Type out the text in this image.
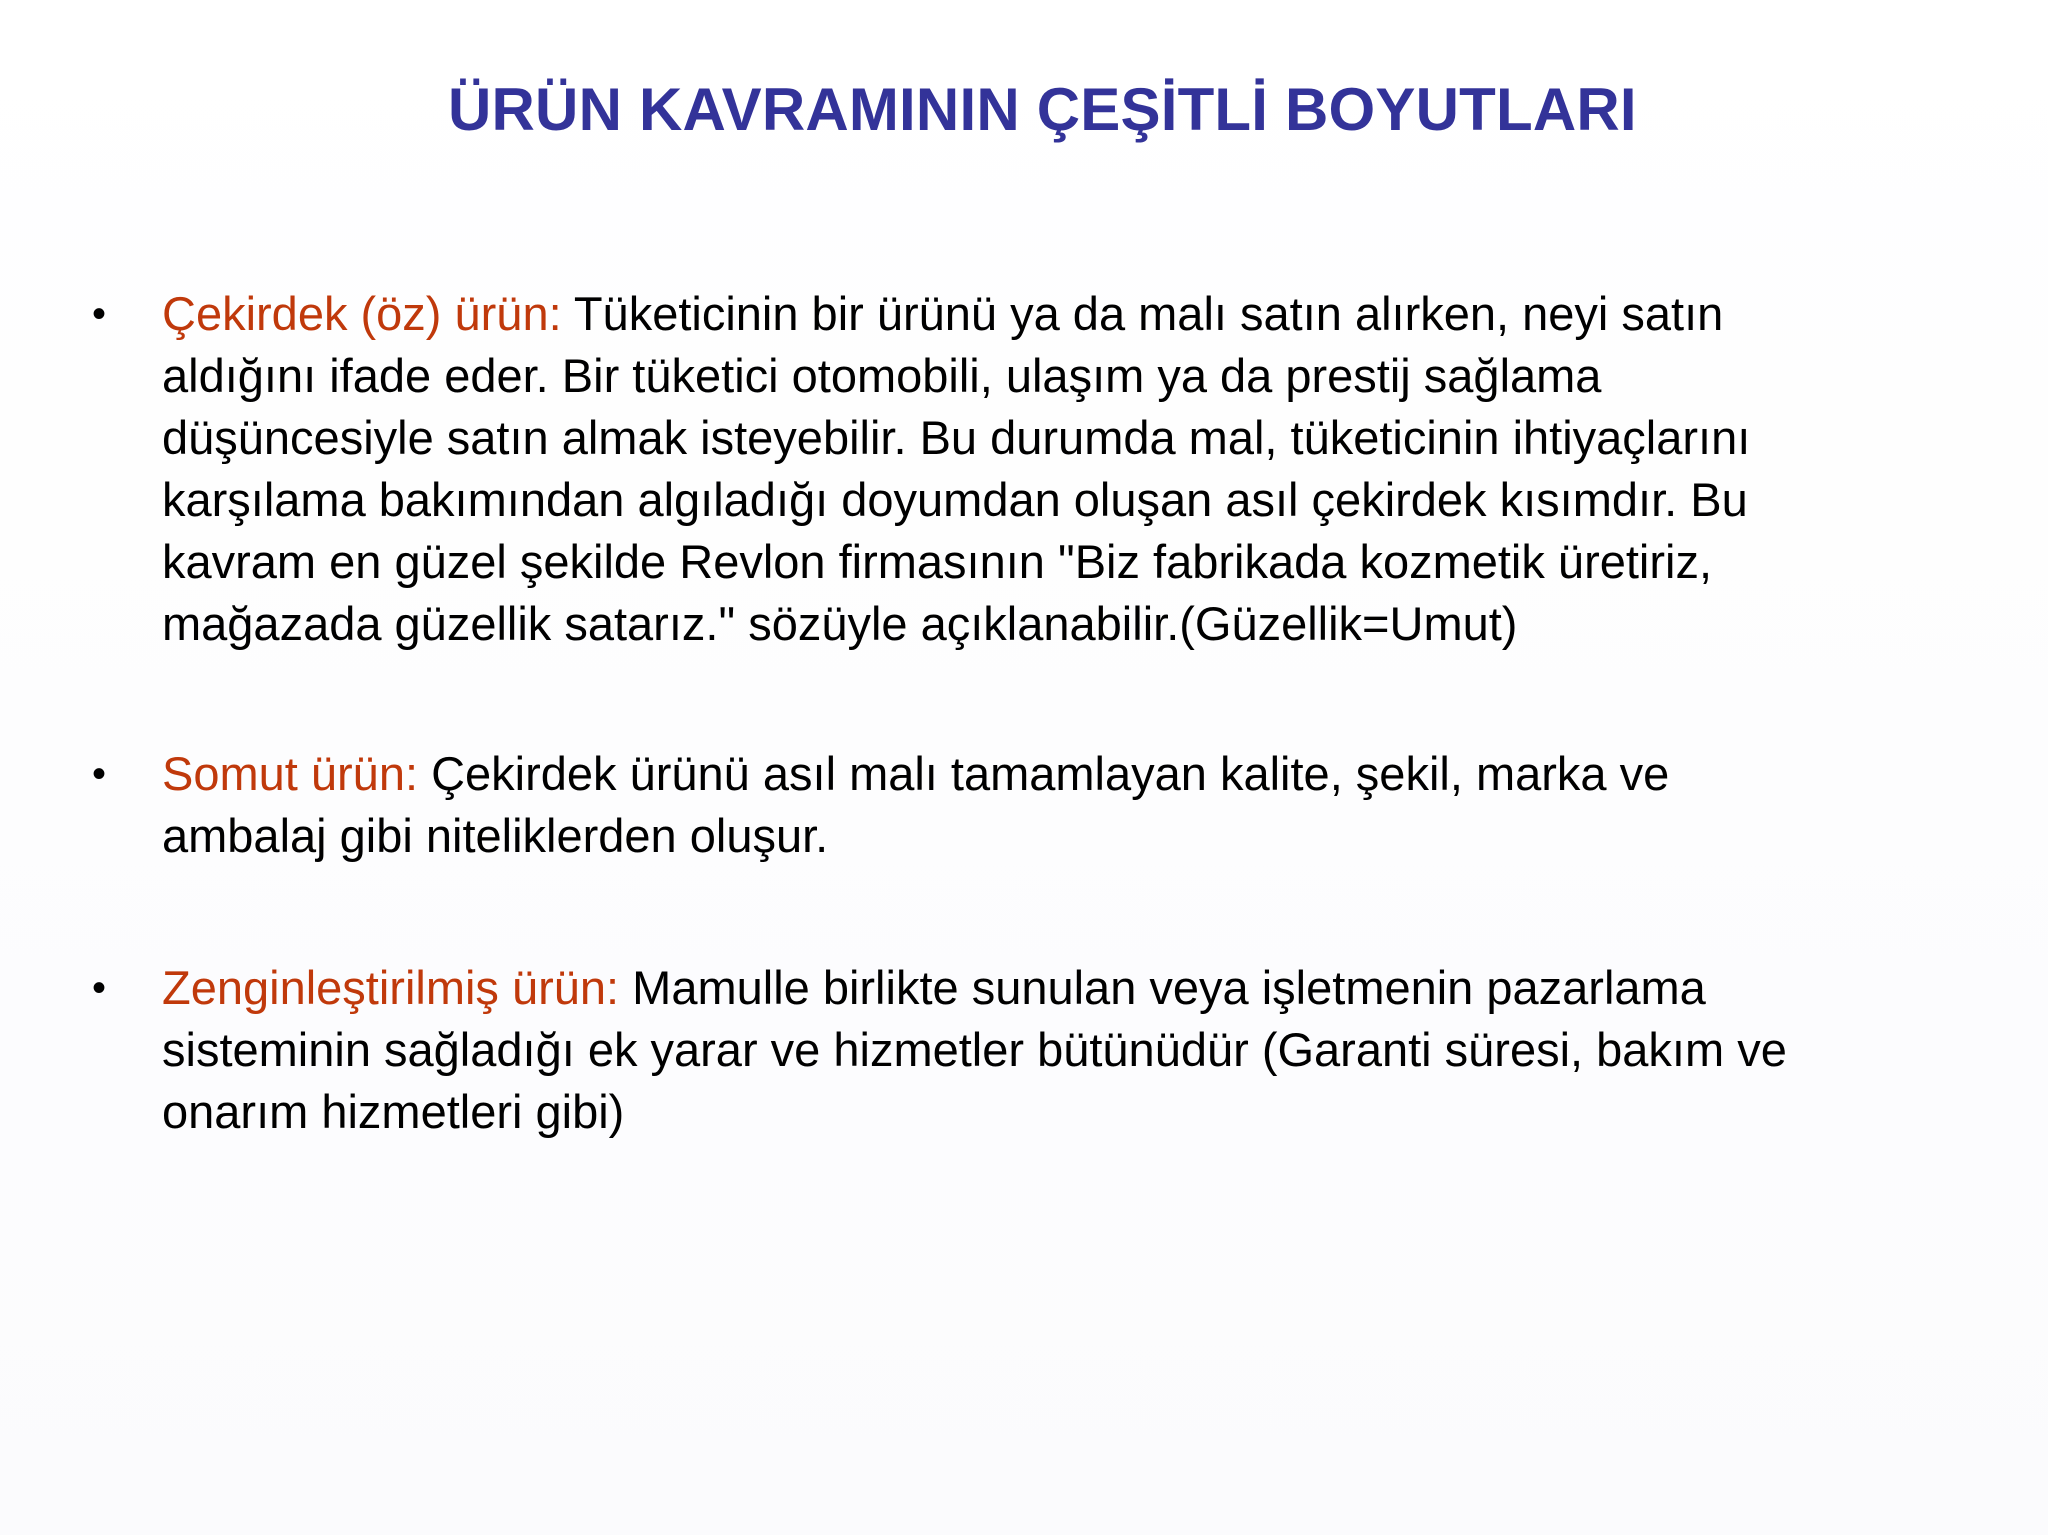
ÜRÜN KAVRAMININ ÇEŞİTLİ BOYUTLARI
• Çekirdek (öz) ürün: Tüketicinin bir ürünü ya da malı satın alırken, neyi satın
aldığını ifade eder. Bir tüketici otomobili, ulaşım ya da prestij sağlama
düşüncesiyle satın almak isteyebilir. Bu durumda mal, tüketicinin ihtiyaçlarını
karşılama bakımından algıladığı doyumdan oluşan asıl çekirdek kısımdır. Bu
kavram en güzel şekilde Revlon firmasının "Biz fabrikada kozmetik üretiriz,
mağazada güzellik satarız." sözüyle açıklanabilir.(Güzellik=Umut)

• Somut ürün: Çekirdek ürünü asıl malı tamamlayan kalite, şekil, marka ve
ambalaj gibi niteliklerden oluşur.

• Zenginleştirilmiş ürün: Mamulle birlikte sunulan veya işletmenin pazarlama
sisteminin sağladığı ek yarar ve hizmetler bütünüdür (Garanti süresi, bakım ve
onarım hizmetleri gibi)
